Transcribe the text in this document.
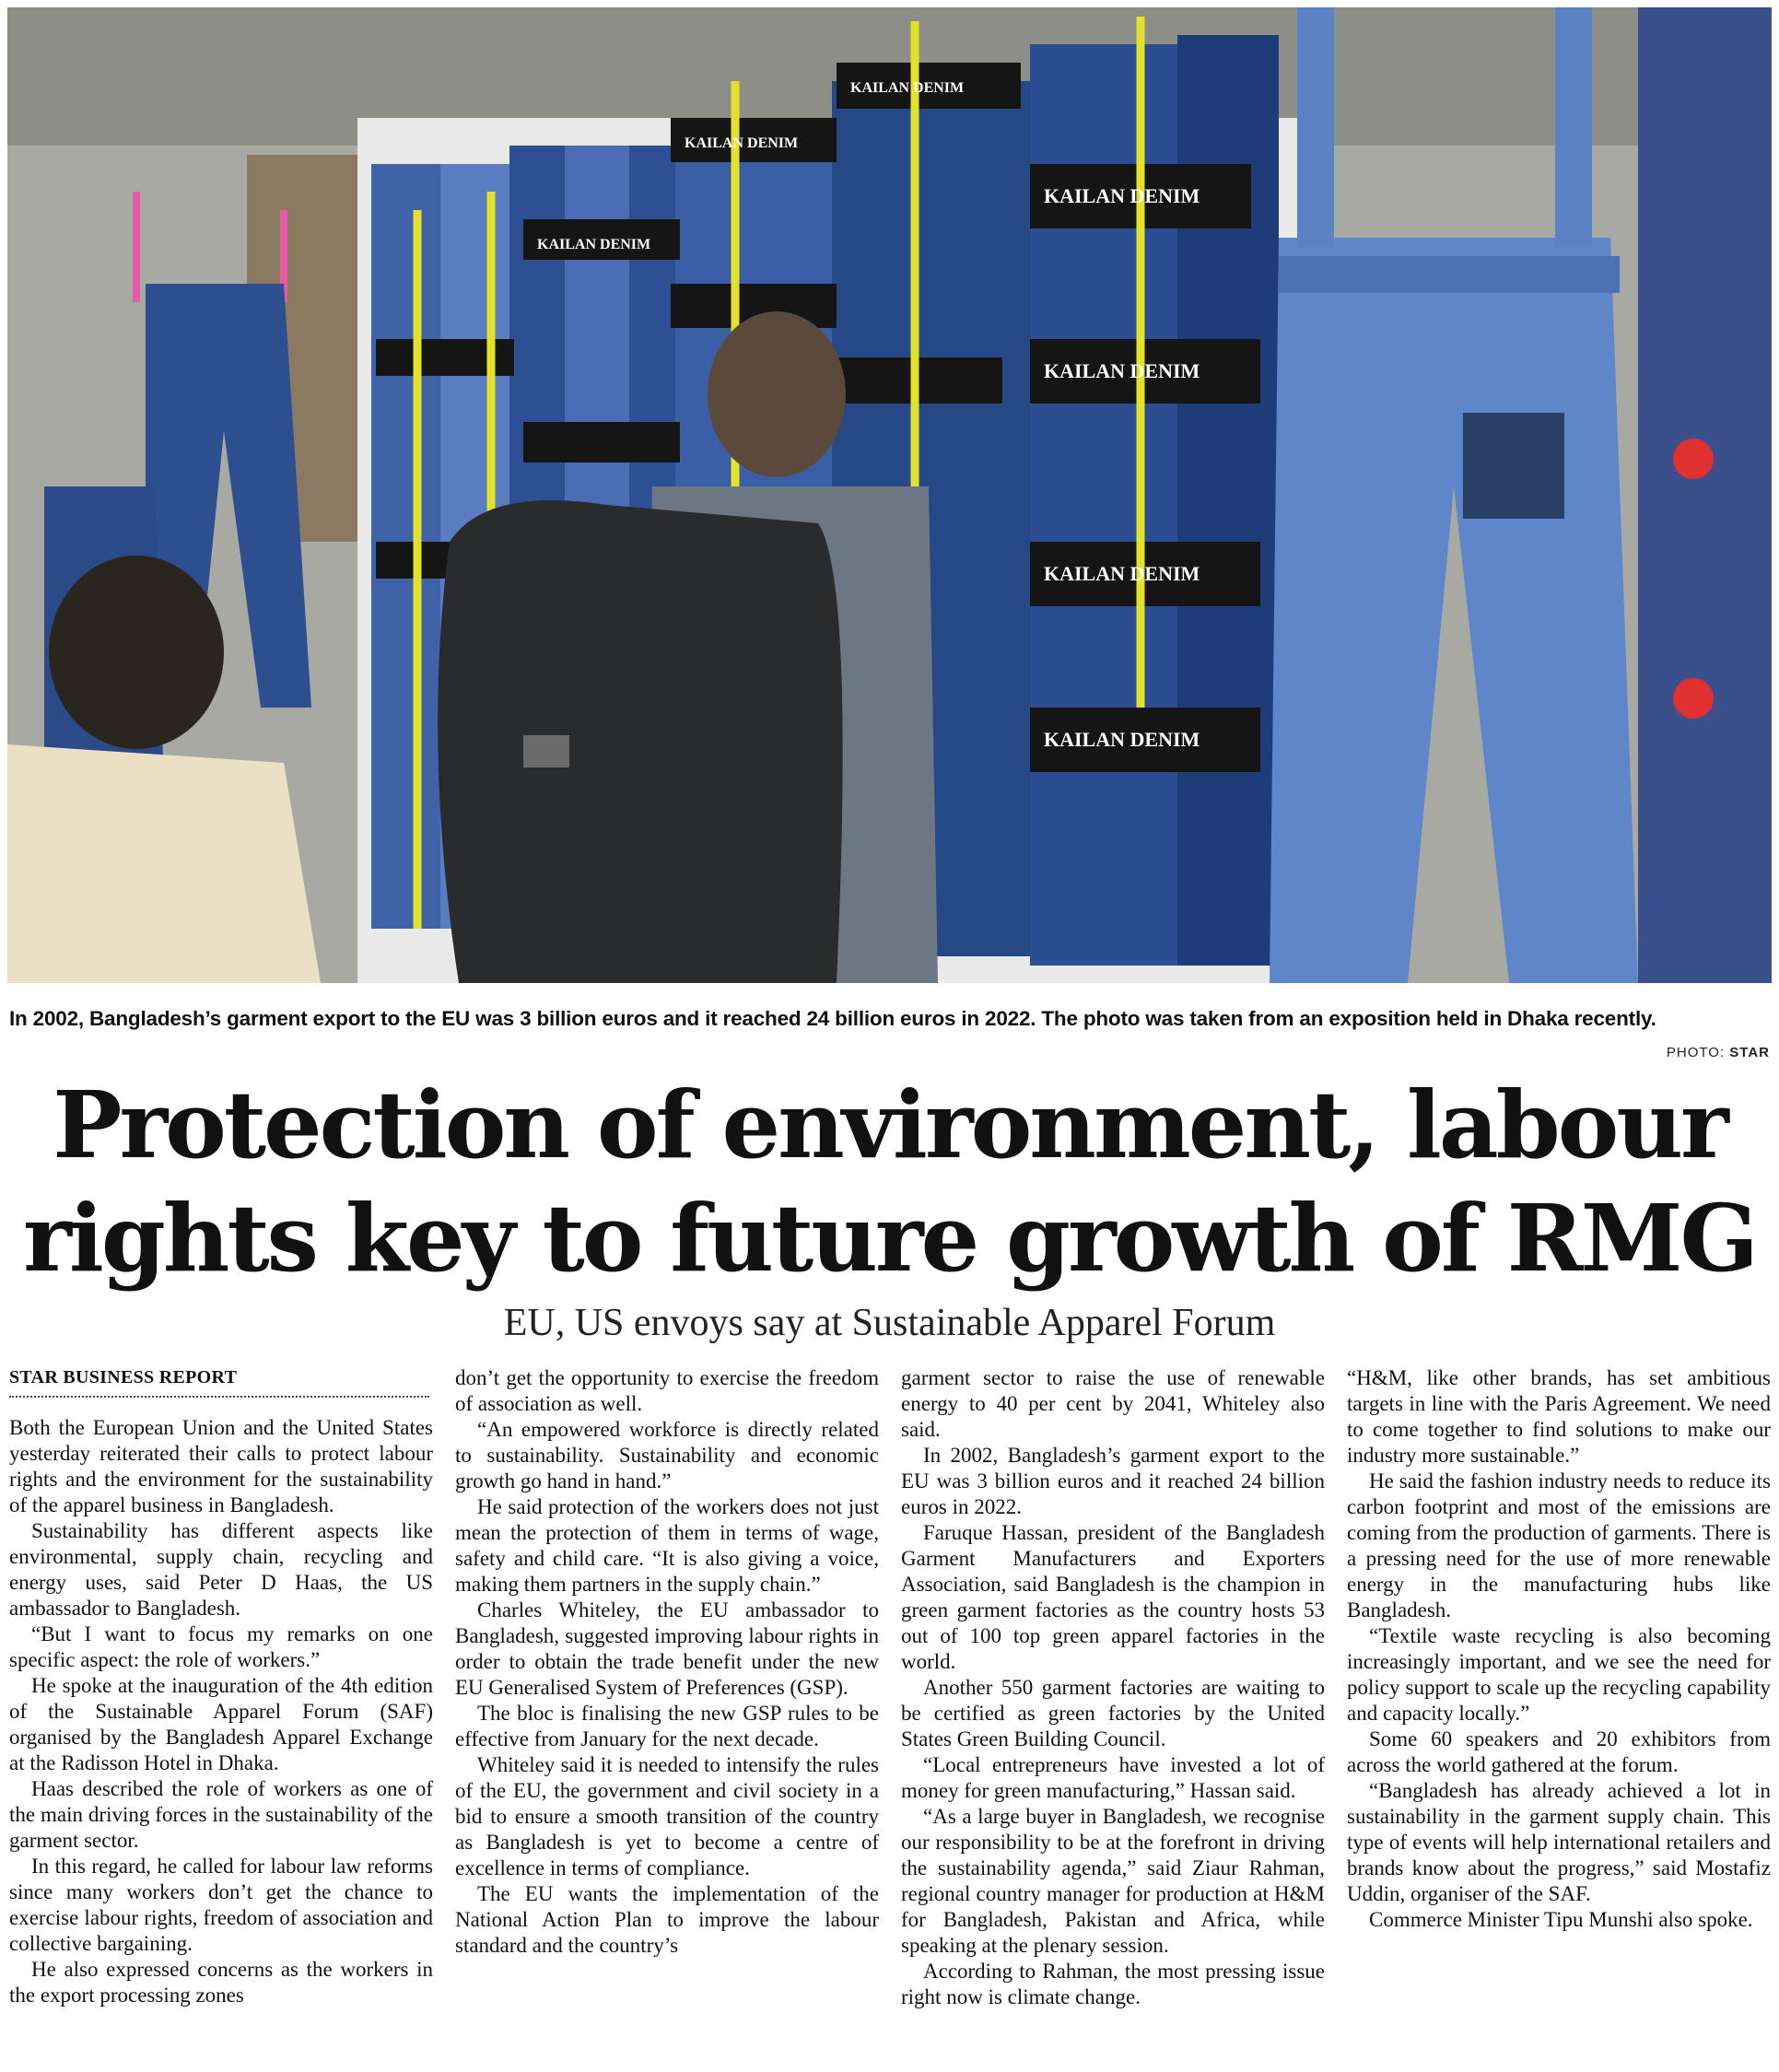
KAILAN DENIM
KAILAN DENIM
KAILAN DENIM
KAILAN DENIM
KAILAN DENIM
KAILAN DENIM
KAILAN DENIM
In 2002, Bangladesh’s garment export to the EU was 3 billion euros and it reached 24 billion euros in 2022. The photo was taken from an exposition held in Dhaka recently.
PHOTO: STAR
Protection of environment, labour
rights key to future growth of RMG
EU, US envoys say at Sustainable Apparel Forum
STAR BUSINESS REPORT

Both the European Union and the United States yesterday reiterated their calls to protect labour rights and the environment for the sustainability of the apparel business in Bangladesh.

Sustainability has different aspects like environmental, supply chain, recycling and energy uses, said Peter D Haas, the US ambassador to Bangladesh.

“But I want to focus my remarks on one specific aspect: the role of workers.”

He spoke at the inauguration of the 4th edition of the Sustainable Apparel Forum (SAF) organised by the Bangladesh Apparel Exchange at the Radisson Hotel in Dhaka.

Haas described the role of workers as one of the main driving forces in the sustainability of the garment sector.

In this regard, he called for labour law reforms since many workers don’t get the chance to exercise labour rights, freedom of association and collective bargaining.

He also expressed concerns as the workers in the export processing zones

don’t get the opportunity to exercise the freedom of association as well.

“An empowered workforce is directly related to sustainability. Sustainability and economic growth go hand in hand.”

He said protection of the workers does not just mean the protection of them in terms of wage, safety and child care. “It is also giving a voice, making them partners in the supply chain.”

Charles Whiteley, the EU ambassador to Bangladesh, suggested improving labour rights in order to obtain the trade benefit under the new EU Generalised System of Preferences (GSP).

The bloc is finalising the new GSP rules to be effective from January for the next decade.

Whiteley said it is needed to intensify the rules of the EU, the government and civil society in a bid to ensure a smooth transition of the country as Bangladesh is yet to become a centre of excellence in terms of compliance.

The EU wants the implementation of the National Action Plan to improve the labour standard and the country’s

garment sector to raise the use of renewable energy to 40 per cent by 2041, Whiteley also said.

In 2002, Bangladesh’s garment export to the EU was 3 billion euros and it reached 24 billion euros in 2022.

Faruque Hassan, president of the Bangladesh Garment Manufacturers and Exporters Association, said Bangladesh is the champion in green garment factories as the country hosts 53 out of 100 top green apparel factories in the world.

Another 550 garment factories are waiting to be certified as green factories by the United States Green Building Council.

“Local entrepreneurs have invested a lot of money for green manufacturing,” Hassan said.

“As a large buyer in Bangladesh, we recognise our responsibility to be at the forefront in driving the sustainability agenda,” said Ziaur Rahman, regional country manager for production at H&M for Bangladesh, Pakistan and Africa, while speaking at the plenary session.

According to Rahman, the most pressing issue right now is climate change.

“H&M, like other brands, has set ambitious targets in line with the Paris Agreement. We need to come together to find solutions to make our industry more sustainable.”

He said the fashion industry needs to reduce its carbon footprint and most of the emissions are coming from the production of garments. There is a pressing need for the use of more renewable energy in the manufacturing hubs like Bangladesh.

“Textile waste recycling is also becoming increasingly important, and we see the need for policy support to scale up the recycling capability and capacity locally.”

Some 60 speakers and 20 exhibitors from across the world gathered at the forum.

“Bangladesh has already achieved a lot in sustainability in the garment supply chain. This type of events will help international retailers and brands know about the progress,” said Mostafiz Uddin, organiser of the SAF.

Commerce Minister Tipu Munshi also spoke.
